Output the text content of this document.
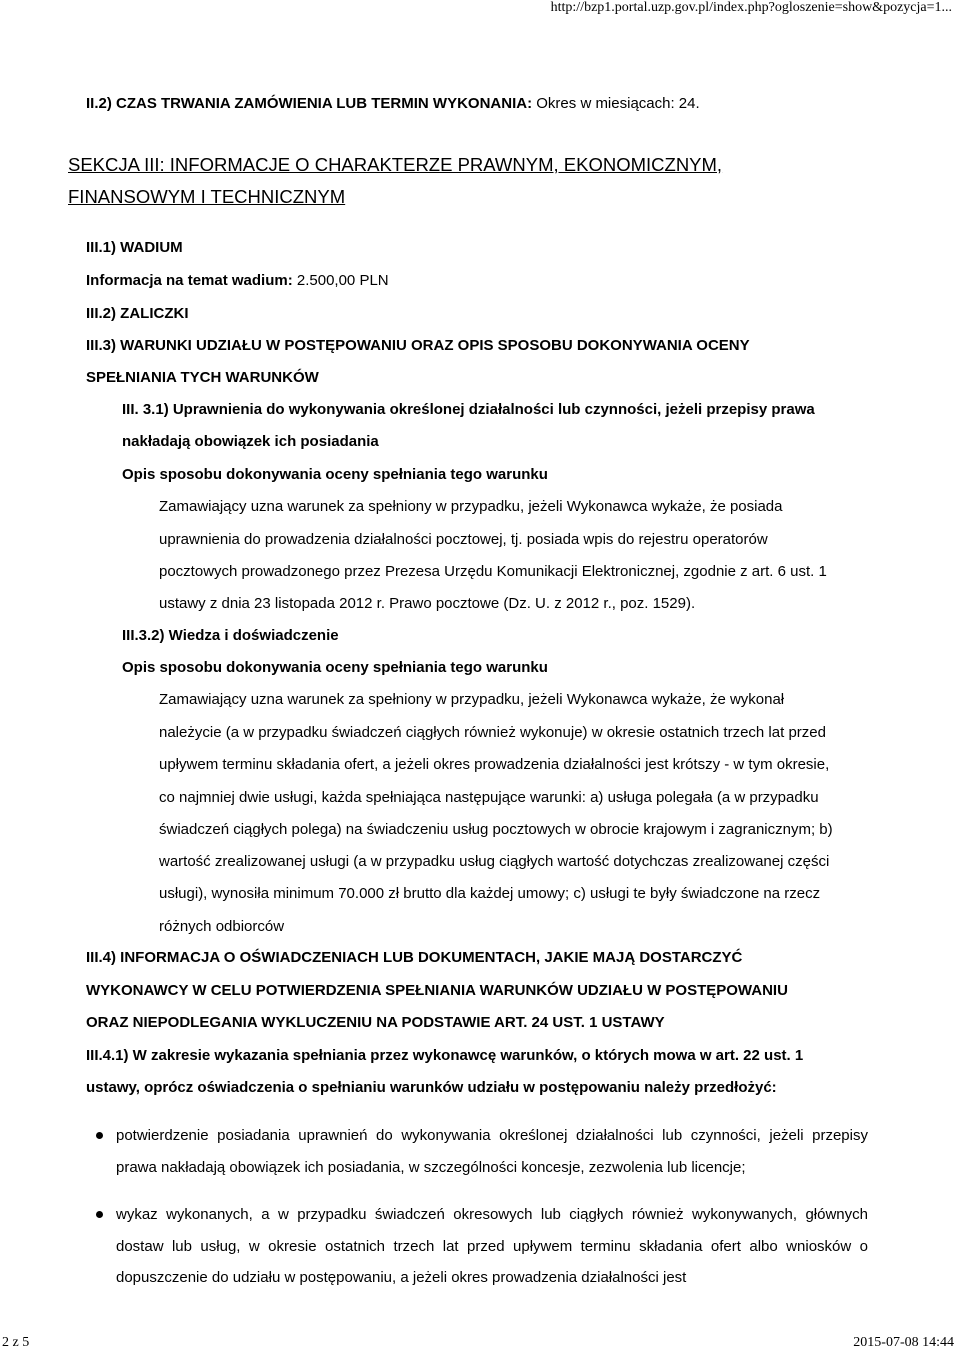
http://bzp1.portal.uzp.gov.pl/index.php?ogloszenie=show&pozycja=1...
II.2) CZAS TRWANIA ZAMÓWIENIA LUB TERMIN WYKONANIA: Okres w miesiącach: 24.
SEKCJA III: INFORMACJE O CHARAKTERZE PRAWNYM, EKONOMICZNYM,
FINANSOWYM I TECHNICZNYM
III.1) WADIUM
Informacja na temat wadium: 2.500,00 PLN
III.2) ZALICZKI
III.3) WARUNKI UDZIAŁU W POSTĘPOWANIU ORAZ OPIS SPOSOBU DOKONYWANIA OCENY
SPEŁNIANIA TYCH WARUNKÓW
III. 3.1) Uprawnienia do wykonywania określonej działalności lub czynności, jeżeli przepisy prawa
nakładają obowiązek ich posiadania
Opis sposobu dokonywania oceny spełniania tego warunku
Zamawiający uzna warunek za spełniony w przypadku, jeżeli Wykonawca wykaże, że posiada
uprawnienia do prowadzenia działalności pocztowej, tj. posiada wpis do rejestru operatorów
pocztowych prowadzonego przez Prezesa Urzędu Komunikacji Elektronicznej, zgodnie z art. 6 ust. 1
ustawy z dnia 23 listopada 2012 r. Prawo pocztowe (Dz. U. z 2012 r., poz. 1529).
III.3.2) Wiedza i doświadczenie
Opis sposobu dokonywania oceny spełniania tego warunku
Zamawiający uzna warunek za spełniony w przypadku, jeżeli Wykonawca wykaże, że wykonał
należycie (a w przypadku świadczeń ciągłych również wykonuje) w okresie ostatnich trzech lat przed
upływem terminu składania ofert, a jeżeli okres prowadzenia działalności jest krótszy - w tym okresie,
co najmniej dwie usługi, każda spełniająca następujące warunki: a) usługa polegała (a w przypadku
świadczeń ciągłych polega) na świadczeniu usług pocztowych w obrocie krajowym i zagranicznym; b)
wartość zrealizowanej usługi (a w przypadku usług ciągłych wartość dotychczas zrealizowanej części
usługi), wynosiła minimum 70.000 zł brutto dla każdej umowy; c) usługi te były świadczone na rzecz
różnych odbiorców
III.4) INFORMACJA O OŚWIADCZENIACH LUB DOKUMENTACH, JAKIE MAJĄ DOSTARCZYĆ
WYKONAWCY W CELU POTWIERDZENIA SPEŁNIANIA WARUNKÓW UDZIAŁU W POSTĘPOWANIU
ORAZ NIEPODLEGANIA WYKLUCZENIU NA PODSTAWIE ART. 24 UST. 1 USTAWY
III.4.1) W zakresie wykazania spełniania przez wykonawcę warunków, o których mowa w art. 22 ust. 1
ustawy, oprócz oświadczenia o spełnianiu warunków udziału w postępowaniu należy przedłożyć:
potwierdzenie posiadania uprawnień do wykonywania określonej działalności lub czynności, jeżeli przepisy prawa nakładają obowiązek ich posiadania, w szczególności koncesje, zezwolenia lub licencje;
wykaz wykonanych, a w przypadku świadczeń okresowych lub ciągłych również wykonywanych, głównych dostaw lub usług, w okresie ostatnich trzech lat przed upływem terminu składania ofert albo wniosków o dopuszczenie do udziału w postępowaniu, a jeżeli okres prowadzenia działalności jest
2 z 5	2015-07-08 14:44
